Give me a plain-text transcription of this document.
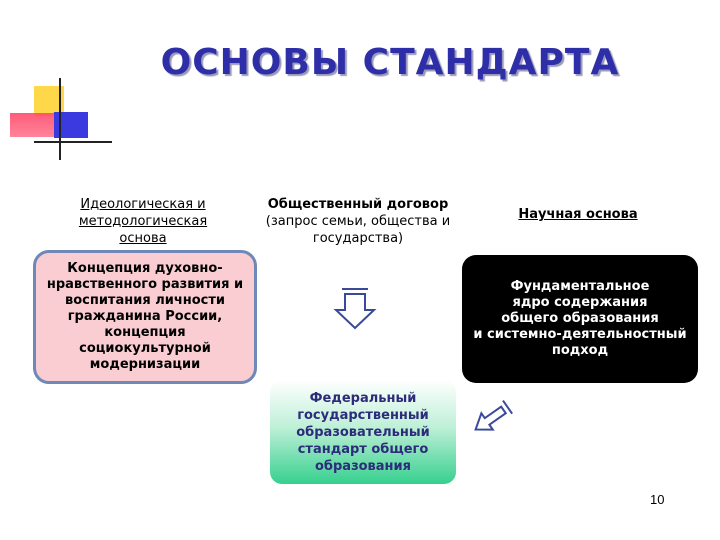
ОСНОВЫ СТАНДАРТА
Идеологическая и
методологическая
основа
Общественный договор
(запрос семьи, общества и
государства)
Научная основа
Концепция духовно-
нравственного развития и
воспитания личности
гражданина России,
концепция социокультурной
модернизации
Фундаментальное
ядро содержания
общего образования
и системно-деятельностный
подход
Федеральный
государственный
образовательный
стандарт общего
образования
10
